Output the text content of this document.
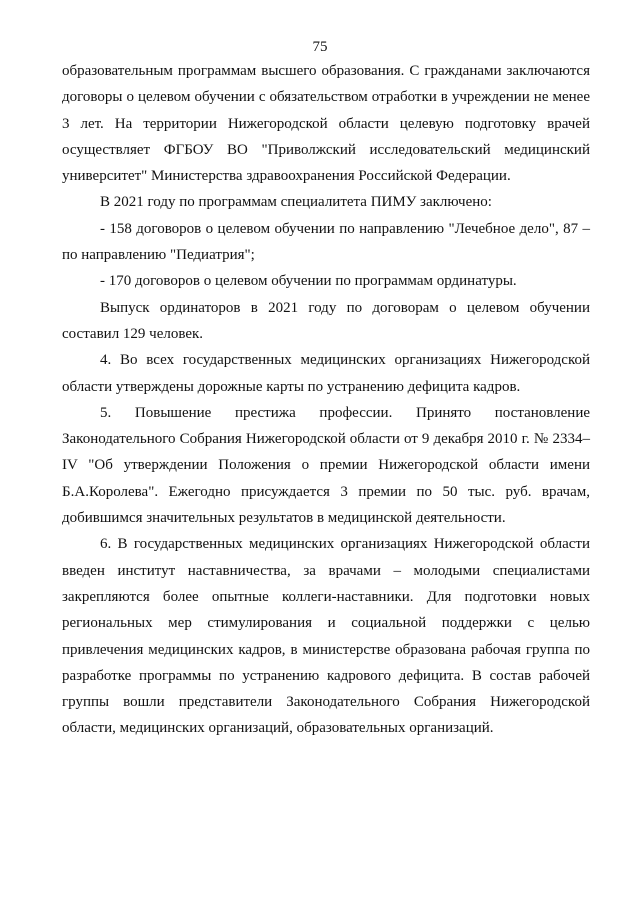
75

образовательным программам высшего образования. С гражданами заключаются договоры о целевом обучении с обязательством отработки в учреждении не менее 3 лет. На территории Нижегородской области целевую подготовку врачей осуществляет ФГБОУ ВО "Приволжский исследовательский медицинский университет" Министерства здравоохранения Российской Федерации.

В 2021 году по программам специалитета ПИМУ заключено:

- 158 договоров о целевом обучении по направлению "Лечебное дело", 87 – по направлению "Педиатрия";

- 170 договоров о целевом обучении по программам ординатуры.

Выпуск ординаторов в 2021 году по договорам о целевом обучении составил 129 человек.

4. Во всех государственных медицинских организациях Нижегородской области утверждены дорожные карты по устранению дефицита кадров.

5. Повышение престижа профессии. Принято постановление Законодательного Собрания Нижегородской области от 9 декабря 2010 г. № 2334–IV "Об утверждении Положения о премии Нижегородской области имени Б.А.Королева". Ежегодно присуждается 3 премии по 50 тыс. руб. врачам, добившимся значительных результатов в медицинской деятельности.

6. В государственных медицинских организациях Нижегородской области введен институт наставничества, за врачами – молодыми специалистами закрепляются более опытные коллеги-наставники. Для подготовки новых региональных мер стимулирования и социальной поддержки с целью привлечения медицинских кадров, в министерстве образована рабочая группа по разработке программы по устранению кадрового дефицита. В состав рабочей группы вошли представители Законодательного Собрания Нижегородской области, медицинских организаций, образовательных организаций.
